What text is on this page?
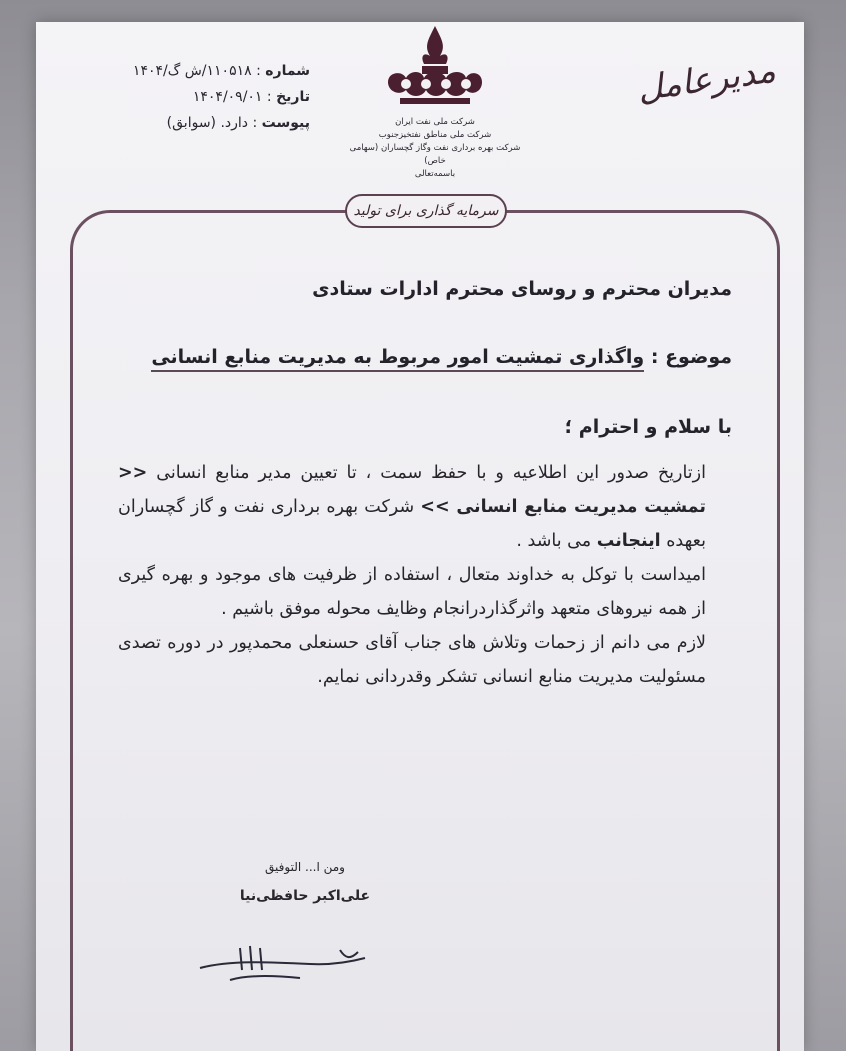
شماره : ۱۱۰۵۱۸/ش گ/۱۴۰۴
تاریخ : ۱۴۰۴/۰۹/۰۱
پیوست : دارد. (سوابق)	شرکت ملی نفت ایران
شرکت ملی مناطق نفتخیزجنوب
شرکت بهره برداری نفت وگاز گچساران (سهامی خاص)
باسمه‌تعالی
مدیرعامل
سرمایه گذاری برای تولید
مدیران محترم و روسای محترم ادارات ستادی
موضوع : واگذاری تمشیت امور مربوط به مدیریت منابع انسانی
با سلام و احترام ؛

ازتاریخ صدور این اطلاعیه و با حفظ سمت ، تا تعیین مدیر منابع انسانی << تمشیت مدیریت منابع انسانی >> شرکت بهره برداری نفت و گاز گچساران بعهده اینجانب می باشد .

امیداست با توکل به خداوند متعال ، استفاده از ظرفیت های موجود و بهره گیری از همه نیروهای متعهد واثرگذاردرانجام وظایف محوله موفق باشیم .

لازم می دانم از زحمات وتلاش های جناب آقای حسنعلی محمدپور در دوره تصدی مسئولیت مدیریت منابع انسانی تشکر وقدردانی نمایم.

ومن ا... التوفیق
علی‌اکبر حافظی‌نیا
